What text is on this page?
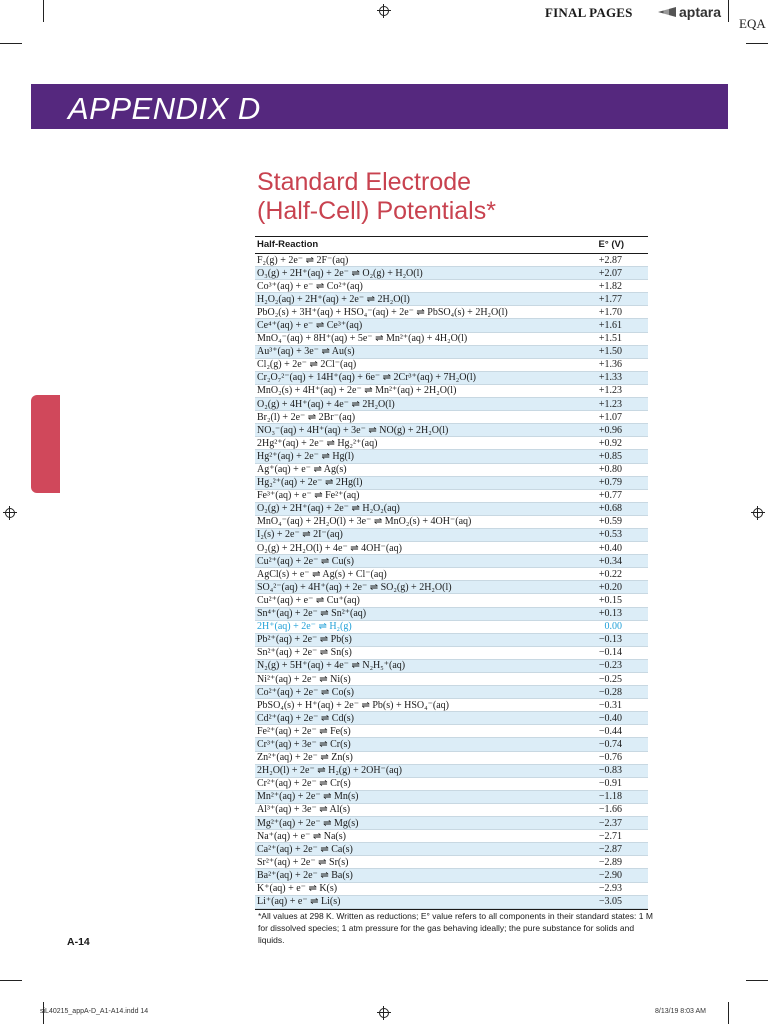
FINAL PAGES	aptara
EQA
APPENDIX D
Standard Electrode
(Half-Cell) Potentials*
Half-Reaction	E° (V)
F₂(g) + 2e⁻ ⇌ 2F⁻(aq)	+2.87
O₃(g) + 2H⁺(aq) + 2e⁻ ⇌ O₂(g) + H₂O(l)	+2.07
Co³⁺(aq) + e⁻ ⇌ Co²⁺(aq)	+1.82
H₂O₂(aq) + 2H⁺(aq) + 2e⁻ ⇌ 2H₂O(l)	+1.77
PbO₂(s) + 3H⁺(aq) + HSO₄⁻(aq) + 2e⁻ ⇌ PbSO₄(s) + 2H₂O(l)	+1.70
Ce⁴⁺(aq) + e⁻ ⇌ Ce³⁺(aq)	+1.61
MnO₄⁻(aq) + 8H⁺(aq) + 5e⁻ ⇌ Mn²⁺(aq) + 4H₂O(l)	+1.51
Au³⁺(aq) + 3e⁻ ⇌ Au(s)	+1.50
Cl₂(g) + 2e⁻ ⇌ 2Cl⁻(aq)	+1.36
Cr₂O₇²⁻(aq) + 14H⁺(aq) + 6e⁻ ⇌ 2Cr³⁺(aq) + 7H₂O(l)	+1.33
MnO₂(s) + 4H⁺(aq) + 2e⁻ ⇌ Mn²⁺(aq) + 2H₂O(l)	+1.23
O₂(g) + 4H⁺(aq) + 4e⁻ ⇌ 2H₂O(l)	+1.23
Br₂(l) + 2e⁻ ⇌ 2Br⁻(aq)	+1.07
NO₃⁻(aq) + 4H⁺(aq) + 3e⁻ ⇌ NO(g) + 2H₂O(l)	+0.96
2Hg²⁺(aq) + 2e⁻ ⇌ Hg₂²⁺(aq)	+0.92
Hg²⁺(aq) + 2e⁻ ⇌ Hg(l)	+0.85
Ag⁺(aq) + e⁻ ⇌ Ag(s)	+0.80
Hg₂²⁺(aq) + 2e⁻ ⇌ 2Hg(l)	+0.79
Fe³⁺(aq) + e⁻ ⇌ Fe²⁺(aq)	+0.77
O₂(g) + 2H⁺(aq) + 2e⁻ ⇌ H₂O₂(aq)	+0.68
MnO₄⁻(aq) + 2H₂O(l) + 3e⁻ ⇌ MnO₂(s) + 4OH⁻(aq)	+0.59
I₂(s) + 2e⁻ ⇌ 2I⁻(aq)	+0.53
O₂(g) + 2H₂O(l) + 4e⁻ ⇌ 4OH⁻(aq)	+0.40
Cu²⁺(aq) + 2e⁻ ⇌ Cu(s)	+0.34
AgCl(s) + e⁻ ⇌ Ag(s) + Cl⁻(aq)	+0.22
SO₄²⁻(aq) + 4H⁺(aq) + 2e⁻ ⇌ SO₂(g) + 2H₂O(l)	+0.20
Cu²⁺(aq) + e⁻ ⇌ Cu⁺(aq)	+0.15
Sn⁴⁺(aq) + 2e⁻ ⇌ Sn²⁺(aq)	+0.13
2H⁺(aq) + 2e⁻ ⇌ H₂(g)	0.00
Pb²⁺(aq) + 2e⁻ ⇌ Pb(s)	−0.13
Sn²⁺(aq) + 2e⁻ ⇌ Sn(s)	−0.14
N₂(g) + 5H⁺(aq) + 4e⁻ ⇌ N₂H₅⁺(aq)	−0.23
Ni²⁺(aq) + 2e⁻ ⇌ Ni(s)	−0.25
Co²⁺(aq) + 2e⁻ ⇌ Co(s)	−0.28
PbSO₄(s) + H⁺(aq) + 2e⁻ ⇌ Pb(s) + HSO₄⁻(aq)	−0.31
Cd²⁺(aq) + 2e⁻ ⇌ Cd(s)	−0.40
Fe²⁺(aq) + 2e⁻ ⇌ Fe(s)	−0.44
Cr³⁺(aq) + 3e⁻ ⇌ Cr(s)	−0.74
Zn²⁺(aq) + 2e⁻ ⇌ Zn(s)	−0.76
2H₂O(l) + 2e⁻ ⇌ H₂(g) + 2OH⁻(aq)	−0.83
Cr²⁺(aq) + 2e⁻ ⇌ Cr(s)	−0.91
Mn²⁺(aq) + 2e⁻ ⇌ Mn(s)	−1.18
Al³⁺(aq) + 3e⁻ ⇌ Al(s)	−1.66
Mg²⁺(aq) + 2e⁻ ⇌ Mg(s)	−2.37
Na⁺(aq) + e⁻ ⇌ Na(s)	−2.71
Ca²⁺(aq) + 2e⁻ ⇌ Ca(s)	−2.87
Sr²⁺(aq) + 2e⁻ ⇌ Sr(s)	−2.89
Ba²⁺(aq) + 2e⁻ ⇌ Ba(s)	−2.90
K⁺(aq) + e⁻ ⇌ K(s)	−2.93
Li⁺(aq) + e⁻ ⇌ Li(s)	−3.05
*All values at 298 K. Written as reductions; E° value refers to all components in their standard states: 1 M for dissolved species; 1 atm pressure for the gas behaving ideally; the pure substance for solids and liquids.
A-14
siL40215_appA-D_A1-A14.indd 14	8/13/19 8:03 AM
